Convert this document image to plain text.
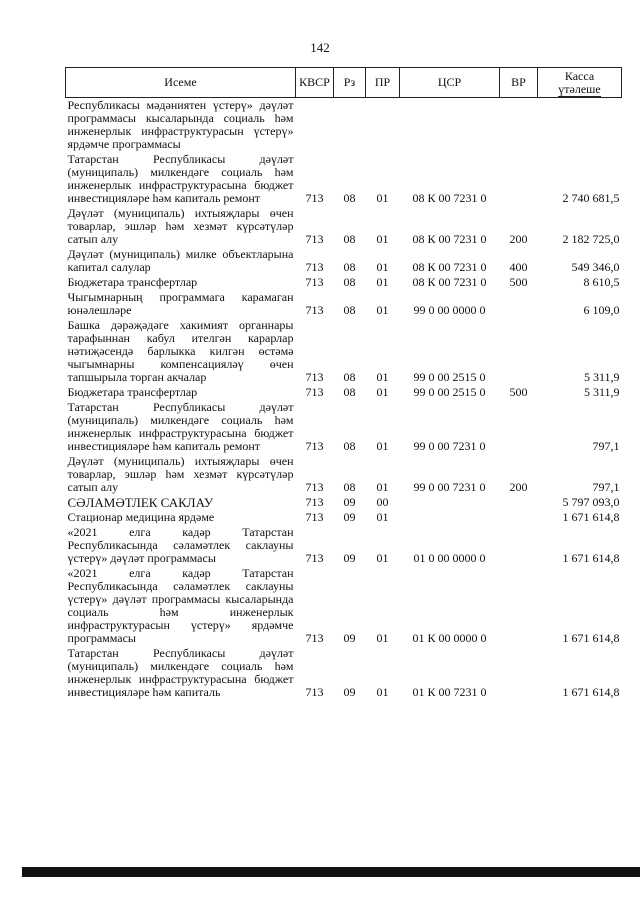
142
Исеме	КВСР	Рз	ПР	ЦСР	ВР	Касса
үтәлеше

Республикасы мәдәниятен үстерү» дәүләт программасы кысаларында социаль һәм инженерлык инфраструктурасын үстерү» ярдәмче программасы						
Татарстан Республикасы дәүләт (муниципаль) милкендәге социаль һәм инженерлык инфраструктурасына бюджет инвестицияләре һәм капиталь ремонт	713	08	01	08 К 00 7231 0		2 740 681,5
Дәүләт (муниципаль) ихтыяҗлары өчен товарлар, эшләр һәм хезмәт күрсәтүләр сатып алу	713	08	01	08 К 00 7231 0	200	2 182 725,0
Дәүләт (муниципаль) милке объектларына капитал салулар	713	08	01	08 К 00 7231 0	400	549 346,0
Бюджетара трансфертлар	713	08	01	08 К 00 7231 0	500	8 610,5
Чыгымнарның программага карамаган юнәлешләре	713	08	01	99 0 00 0000 0		6 109,0
Башка дәрәҗәдәге хакимият органнары тарафыннан кабул ителгән карарлар нәтиҗәсендә барлыкка килгән өстәмә чыгымнарны компенсацияләү өчен тапшырыла торган акчалар	713	08	01	99 0 00 2515 0		5 311,9
Бюджетара трансфертлар	713	08	01	99 0 00 2515 0	500	5 311,9
Татарстан Республикасы дәүләт (муниципаль) милкендәге социаль һәм инженерлык инфраструктурасына бюджет инвестицияләре һәм капиталь ремонт	713	08	01	99 0 00 7231 0		797,1
Дәүләт (муниципаль) ихтыяҗлары өчен товарлар, эшләр һәм хезмәт күрсәтүләр сатып алу	713	08	01	99 0 00 7231 0	200	797,1
СӘЛАМӘТЛЕК САКЛАУ	713	09	00			5 797 093,0
Стационар медицина ярдәме	713	09	01			1 671 614,8
«2021 елга кадәр Татарстан Республикасында сәламәтлек саклауны үстерү» дәүләт программасы	713	09	01	01 0 00 0000 0		1 671 614,8
«2021 елга кадәр Татарстан Республикасында сәламәтлек саклауны үстерү» дәүләт программасы кысаларында социаль һәм инженерлык инфраструктурасын үстерү» ярдәмче программасы	713	09	01	01 К 00 0000 0		1 671 614,8
Татарстан Республикасы дәүләт (муниципаль) милкендәге социаль һәм инженерлык инфраструктурасына бюджет инвестицияләре һәм капиталь	713	09	01	01 К 00 7231 0		1 671 614,8
